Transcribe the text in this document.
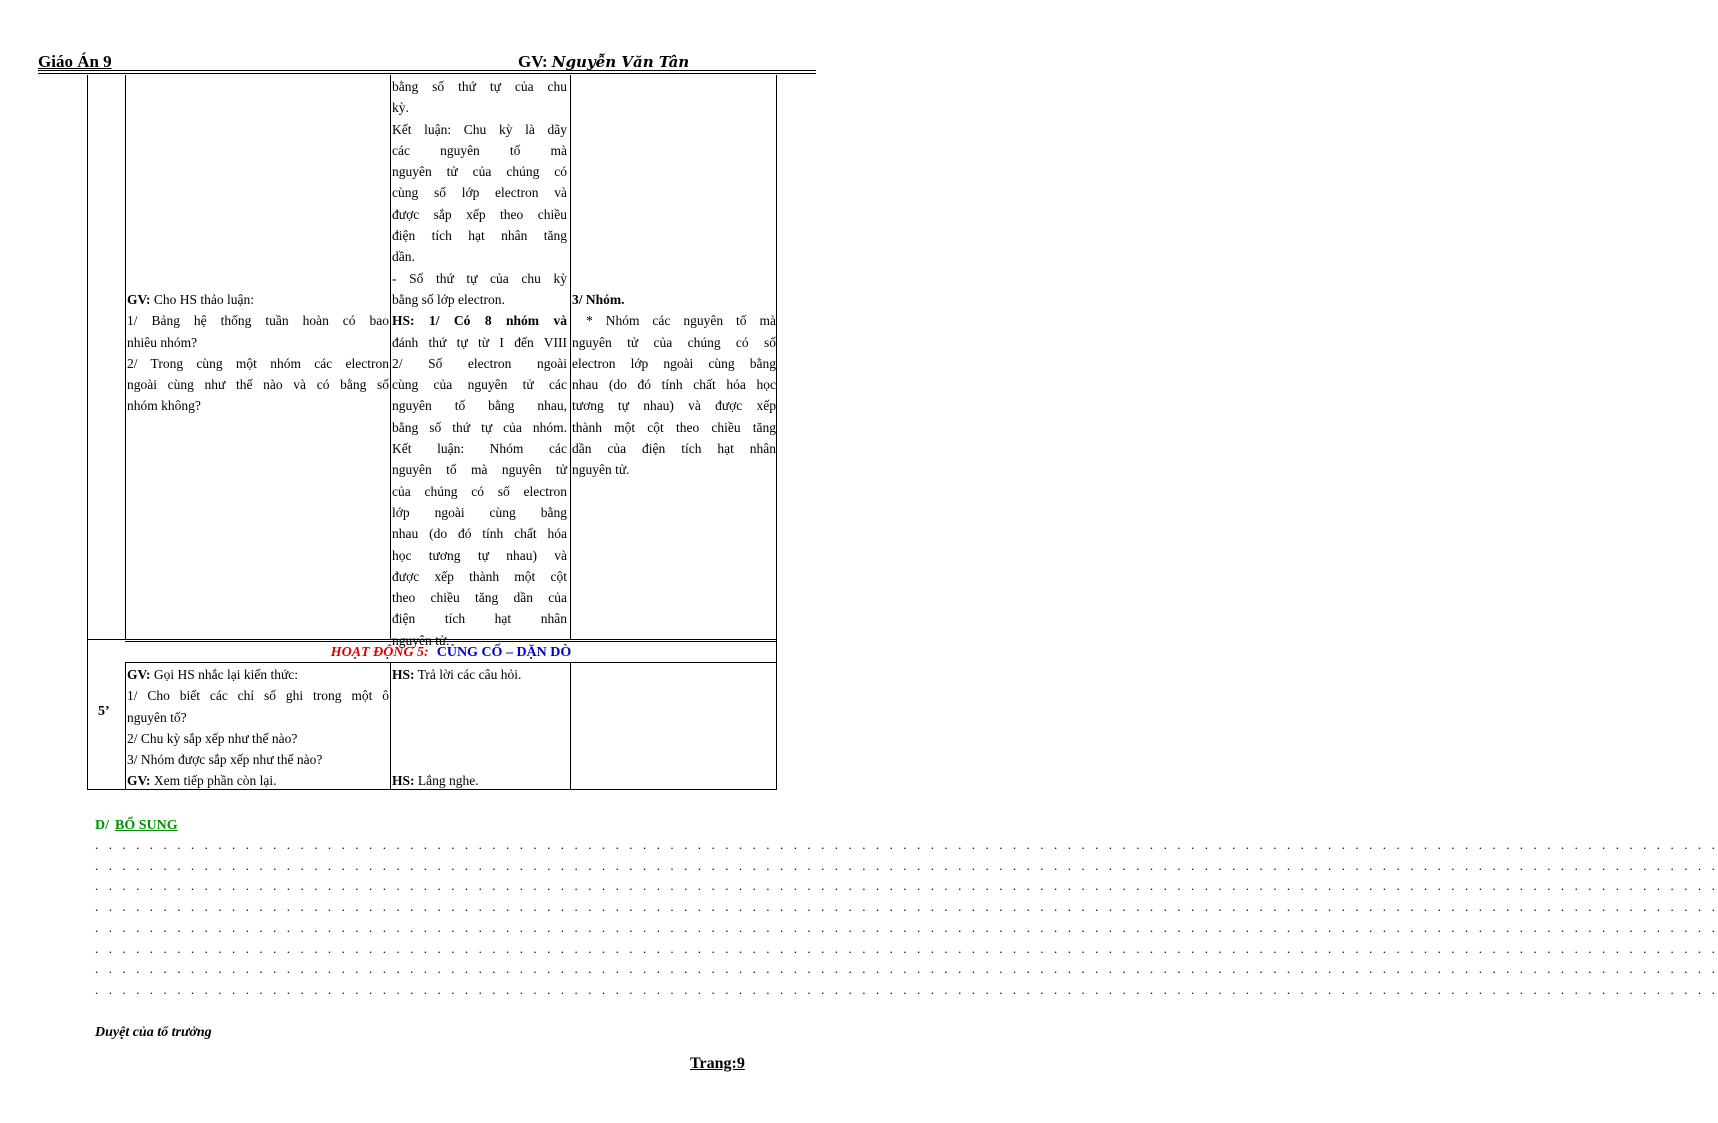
Giáo Án 9	GV: Nguyễn Văn Tân

bằng số thứ tự của chu

kỳ.

Kết luận: Chu kỳ là dãy

các nguyên tố mà

nguyên tử của chúng có

cùng số lớp electron và

được sắp xếp theo chiều

điện tích hạt nhân tăng

dần.

- Số thứ tự của chu kỳ

bằng số lớp electron.

HS: 1/ Có 8 nhóm và

đánh thứ tự từ I đến VIII

2/ Số electron ngoài

cùng của nguyên tử các

nguyên tố bằng nhau,

bằng số thứ tự của nhóm.

Kết luận: Nhóm các

nguyên tố mà nguyên tử

của chúng có số electron

lớp ngoài cùng bằng

nhau (do đó tính chất hóa

học tương tự nhau) và

được xếp thành một cột

theo chiều tăng dần của

điện tích hạt nhân

nguyên tử.

GV: Cho HS thảo luận:

1/ Bảng hệ thống tuần hoàn có bao

nhiêu nhóm?

2/ Trong cùng một nhóm các electron

ngoài cùng như thế nào và có bằng số

nhóm không?

3/ Nhóm.

* Nhóm các nguyên tố mà

nguyên tử của chúng có số

electron lớp ngoài cùng bằng

nhau (do đó tính chất hóa học

tương tự nhau) và được xếp

thành một cột theo chiều tăng

dần của điện tích hạt nhân

nguyên tử.

HOẠT ĐỘNG 5: CỦNG CỐ – DẶN DÒ
5’

GV: Gọi HS nhắc lại kiến thức:

1/ Cho biết các chỉ số ghi trong một ô

nguyên tố?

2/ Chu kỳ sắp xếp như thế nào?

3/ Nhóm được sắp xếp như thế nào?

GV: Xem tiếp phần còn lại.

HS: Trả lời các câu hỏi.

HS: Lắng nghe.

D/ BỔ SUNG
. . . . . . . . . . . . . . . . . . . . . . . . . . . . . . . . . . . . . . . . . . . . . . . . . . . . . . . . . . . . . . . . . . . . . . . . . . . . . . . . . . . . . . . . . . . . . . . . . . . . . . . . . . . . . . . . . . . . . . .
. . . . . . . . . . . . . . . . . . . . . . . . . . . . . . . . . . . . . . . . . . . . . . . . . . . . . . . . . . . . . . . . . . . . . . . . . . . . . . . . . . . . . . . . . . . . . . . . . . . . . . . . . . . . . . . . . . . . . . .
. . . . . . . . . . . . . . . . . . . . . . . . . . . . . . . . . . . . . . . . . . . . . . . . . . . . . . . . . . . . . . . . . . . . . . . . . . . . . . . . . . . . . . . . . . . . . . . . . . . . . . . . . . . . . . . . . . . . . . .
. . . . . . . . . . . . . . . . . . . . . . . . . . . . . . . . . . . . . . . . . . . . . . . . . . . . . . . . . . . . . . . . . . . . . . . . . . . . . . . . . . . . . . . . . . . . . . . . . . . . . . . . . . . . . . . . . . . . . . .
. . . . . . . . . . . . . . . . . . . . . . . . . . . . . . . . . . . . . . . . . . . . . . . . . . . . . . . . . . . . . . . . . . . . . . . . . . . . . . . . . . . . . . . . . . . . . . . . . . . . . . . . . . . . . . . . . . . . . . .
. . . . . . . . . . . . . . . . . . . . . . . . . . . . . . . . . . . . . . . . . . . . . . . . . . . . . . . . . . . . . . . . . . . . . . . . . . . . . . . . . . . . . . . . . . . . . . . . . . . . . . . . . . . . . . . . . . . . . . .
. . . . . . . . . . . . . . . . . . . . . . . . . . . . . . . . . . . . . . . . . . . . . . . . . . . . . . . . . . . . . . . . . . . . . . . . . . . . . . . . . . . . . . . . . . . . . . . . . . . . . . . . . . . . . . . . . . . . . . .
. . . . . . . . . . . . . . . . . . . . . . . . . . . . . . . . . . . . . . . . . . . . . . . . . . . . . . . . . . . . . . . . . . . . . . . . . . . . . . . . . . . . . . . . . . . . . . . . . . . . . . . . . . . . . . . . . . . . . . .
Duyệt của tổ trưởng
Trang:9
